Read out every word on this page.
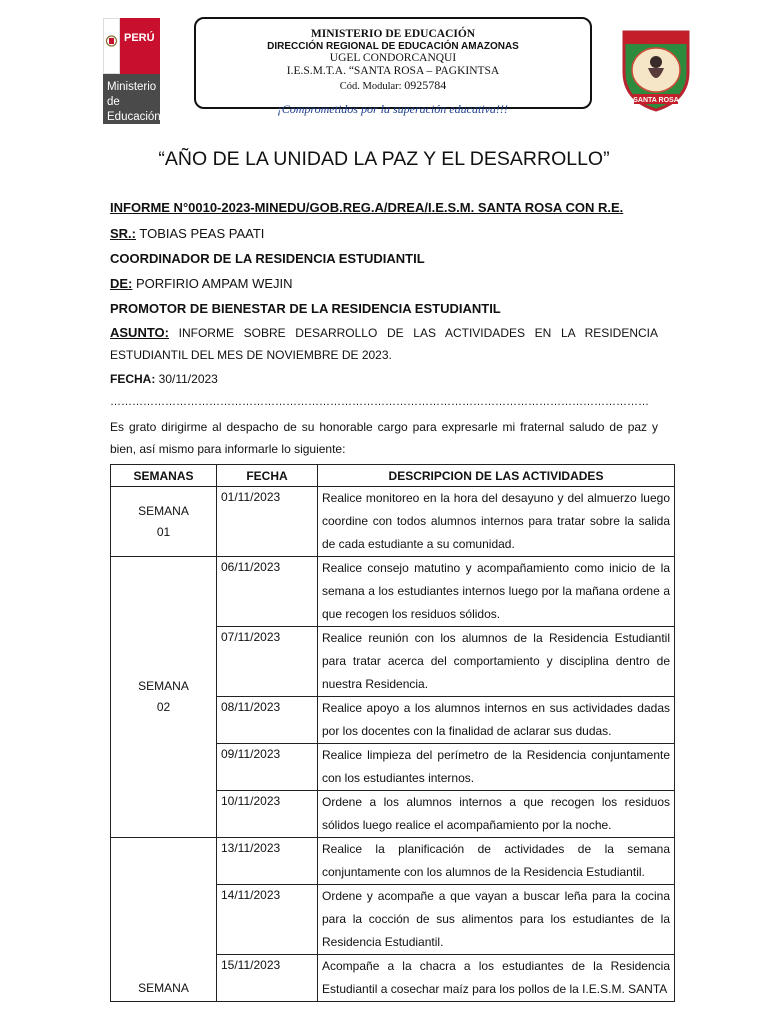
PERÚ
Ministerio de Educación
MINISTERIO DE EDUCACIÓN
DIRECCIÓN REGIONAL DE EDUCACIÓN AMAZONAS
UGEL CONDORCANQUI
I.E.S.M.T.A. “SANTA ROSA – PAGKINTSA
Cód. Modular: 0925784
¡Comprometidos por la superación educativa!!!
SANTA ROSA
“AÑO DE LA UNIDAD LA PAZ Y EL DESARROLLO”
INFORME N°0010-2023-MINEDU/GOB.REG.A/DREA/I.E.S.M. SANTA ROSA CON R.E.
SR.: TOBIAS PEAS PAATI
COORDINADOR DE LA RESIDENCIA ESTUDIANTIL
DE: PORFIRIO AMPAM WEJIN
PROMOTOR DE BIENESTAR DE LA RESIDENCIA ESTUDIANTIL
ASUNTO: INFORME SOBRE DESARROLLO DE LAS ACTIVIDADES EN LA RESIDENCIA ESTUDIANTIL DEL MES DE NOVIEMBRE DE 2023.
FECHA: 30/11/2023
…………………………………………………………………………………………………………………………………
Es grato dirigirme al despacho de su honorable cargo para expresarle mi fraternal saludo de paz y bien, así mismo para informarle lo siguiente:
SEMANAS	FECHA	DESCRIPCION DE LAS ACTIVIDADES

SEMANA
01	01/11/2023	Realice monitoreo en la hora del desayuno y del almuerzo luego coordine con todos alumnos internos para tratar sobre la salida de cada estudiante a su comunidad.

SEMANA
02	06/11/2023	Realice consejo matutino y acompañamiento como inicio de la semana a los estudiantes internos luego por la mañana ordene a que recogen los residuos sólidos.
	07/11/2023	Realice reunión con los alumnos de la Residencia Estudiantil para tratar acerca del comportamiento y disciplina dentro de nuestra Residencia.
	08/11/2023	Realice apoyo a los alumnos internos en sus actividades dadas por los docentes con la finalidad de aclarar sus dudas.
	09/11/2023	Realice limpieza del perímetro de la Residencia conjuntamente con los estudiantes internos.
	10/11/2023	Ordene a los alumnos internos a que recogen los residuos sólidos luego realice el acompañamiento por la noche.

SEMANA	13/11/2023	Realice la planificación de actividades de la semana conjuntamente con los alumnos de la Residencia Estudiantil.
	14/11/2023	Ordene y acompañe a que vayan a buscar leña para la cocina para la cocción de sus alimentos para los estudiantes de la Residencia Estudiantil.
	15/11/2023	Acompañe a la chacra a los estudiantes de la Residencia Estudiantil a cosechar maíz para los pollos de la I.E.S.M. SANTA
